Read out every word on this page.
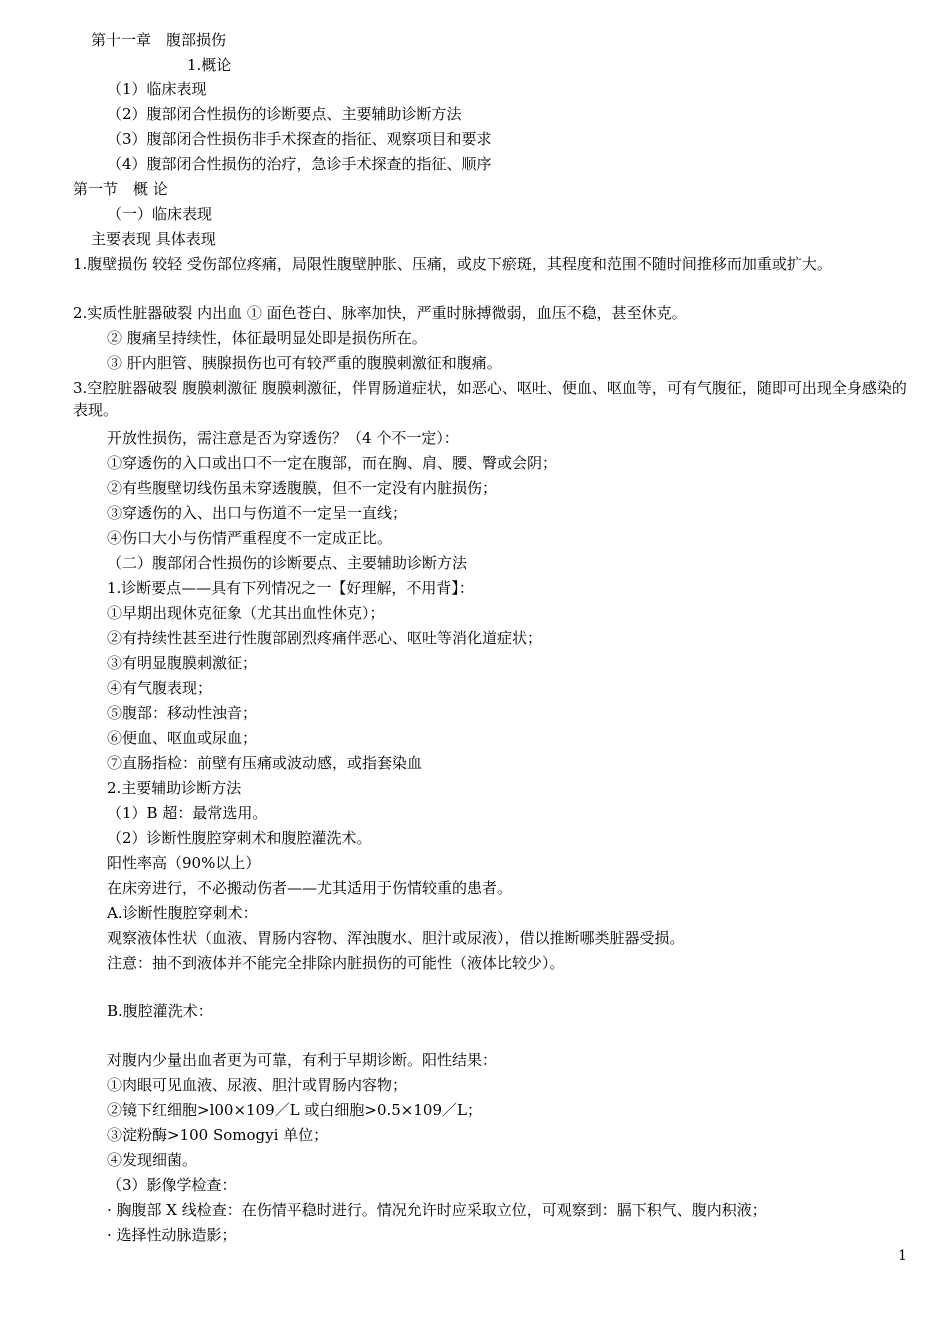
第十一章　腹部损伤
1.概论
（1）临床表现
（2）腹部闭合性损伤的诊断要点、主要辅助诊断方法
（3）腹部闭合性损伤非手术探查的指征、观察项目和要求
（4）腹部闭合性损伤的治疗，急诊手术探查的指征、顺序
第一节　概 论
（一）临床表现
主要表现 具体表现
1.腹壁损伤 较轻 受伤部位疼痛，局限性腹壁肿胀、压痛，或皮下瘀斑，其程度和范围不随时间推移而加重或扩大。
2.实质性脏器破裂 内出血 ① 面色苍白、脉率加快，严重时脉搏微弱，血压不稳，甚至休克。
② 腹痛呈持续性，体征最明显处即是损伤所在。
③ 肝内胆管、胰腺损伤也可有较严重的腹膜刺激征和腹痛。
3.空腔脏器破裂 腹膜刺激征 腹膜刺激征，伴胃肠道症状，如恶心、呕吐、便血、呕血等，可有气腹征，随即可出现全身感染的表现。
开放性损伤，需注意是否为穿透伤？（4 个不一定）：
①穿透伤的入口或出口不一定在腹部，而在胸、肩、腰、臀或会阴；
②有些腹壁切线伤虽未穿透腹膜，但不一定没有内脏损伤；
③穿透伤的入、出口与伤道不一定呈一直线；
④伤口大小与伤情严重程度不一定成正比。
（二）腹部闭合性损伤的诊断要点、主要辅助诊断方法
1.诊断要点——具有下列情况之一【好理解，不用背】：
①早期出现休克征象（尤其出血性休克）；
②有持续性甚至进行性腹部剧烈疼痛伴恶心、呕吐等消化道症状；
③有明显腹膜刺激征；
④有气腹表现；
⑤腹部：移动性浊音；
⑥便血、呕血或尿血；
⑦直肠指检：前壁有压痛或波动感，或指套染血
2.主要辅助诊断方法
（1）B 超：最常选用。
（2）诊断性腹腔穿刺术和腹腔灌洗术。
阳性率高（90%以上）
在床旁进行，不必搬动伤者——尤其适用于伤情较重的患者。
A.诊断性腹腔穿刺术：
观察液体性状（血液、胃肠内容物、浑浊腹水、胆汁或尿液），借以推断哪类脏器受损。
注意：抽不到液体并不能完全排除内脏损伤的可能性（液体比较少）。
B.腹腔灌洗术：
对腹内少量出血者更为可靠，有利于早期诊断。阳性结果：
①肉眼可见血液、尿液、胆汁或胃肠内容物；
②镜下红细胞>l00×109／L 或白细胞>0.5×109／L；
③淀粉酶>100 Somogyi 单位；
④发现细菌。
（3）影像学检查：
· 胸腹部 X 线检查：在伤情平稳时进行。情况允许时应采取立位，可观察到：膈下积气、腹内积液；
· 选择性动脉造影；
1
